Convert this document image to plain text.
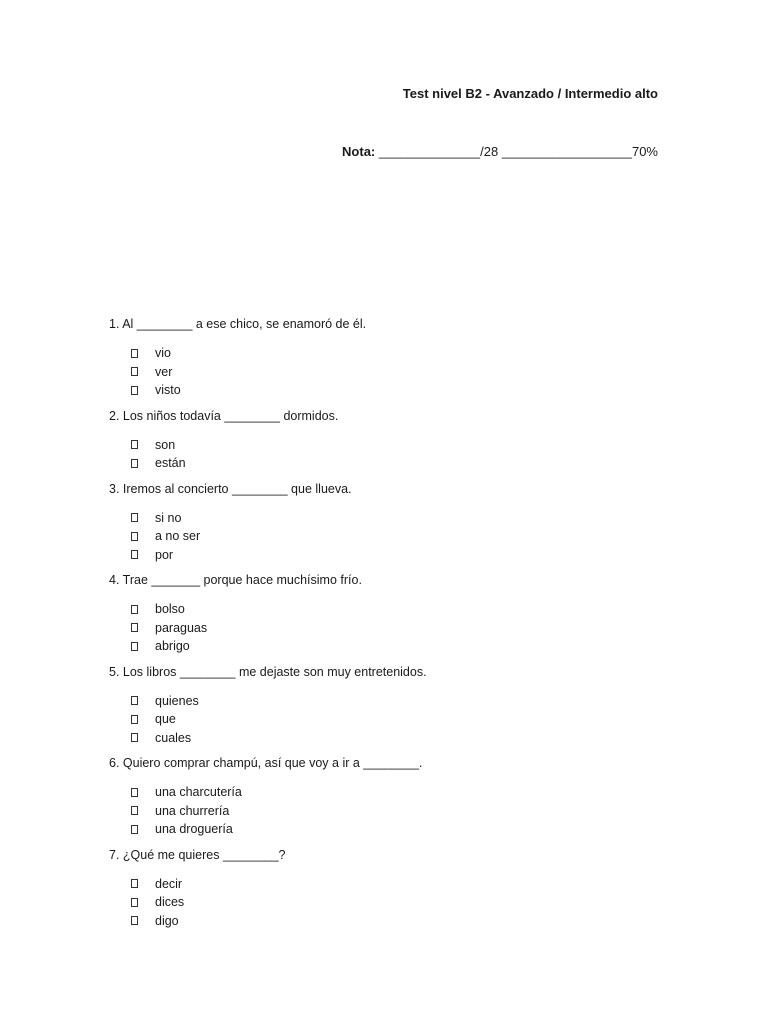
Test nivel B2 - Avanzado / Intermedio alto
Nota: ______________/28 __________________70%
1. Al ________ a ese chico, se enamoró de él.
vio
ver
visto
2. Los niños todavía ________ dormidos.
son
están
3. Iremos al concierto ________ que llueva.
si no
a no ser
por
4. Trae _______ porque hace muchísimo frío.
bolso
paraguas
abrigo
5. Los libros ________ me dejaste son muy entretenidos.
quienes
que
cuales
6. Quiero comprar champú, así que voy a ir a ________.
una charcutería
una churrería
una droguería
7. ¿Qué me quieres ________?
decir
dices
digo
